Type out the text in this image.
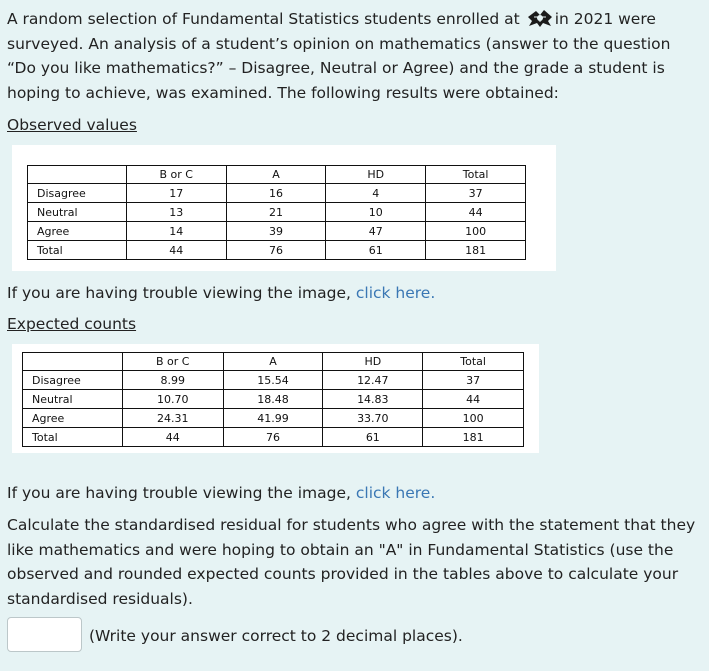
A random selection of Fundamental Statistics students enrolled at in 2021 were surveyed. An analysis of a student’s opinion on mathematics (answer to the question “Do you like mathematics?” – Disagree, Neutral or Agree) and the grade a student is hoping to achieve, was examined. The following results were obtained:

Observed values

	B or C	A	HD	Total
Disagree	17	16	4	37
Neutral	13	21	10	44
Agree	14	39	47	100
Total	44	76	61	181

If you are having trouble viewing the image, click here.

Expected counts

	B or C	A	HD	Total
Disagree	8.99	15.54	12.47	37
Neutral	10.70	18.48	14.83	44
Agree	24.31	41.99	33.70	100
Total	44	76	61	181

If you are having trouble viewing the image, click here.

Calculate the standardised residual for students who agree with the statement that they like mathematics and were hoping to obtain an "A" in Fundamental Statistics (use the observed and rounded expected counts provided in the tables above to calculate your standardised residuals).

(Write your answer correct to 2 decimal places).
